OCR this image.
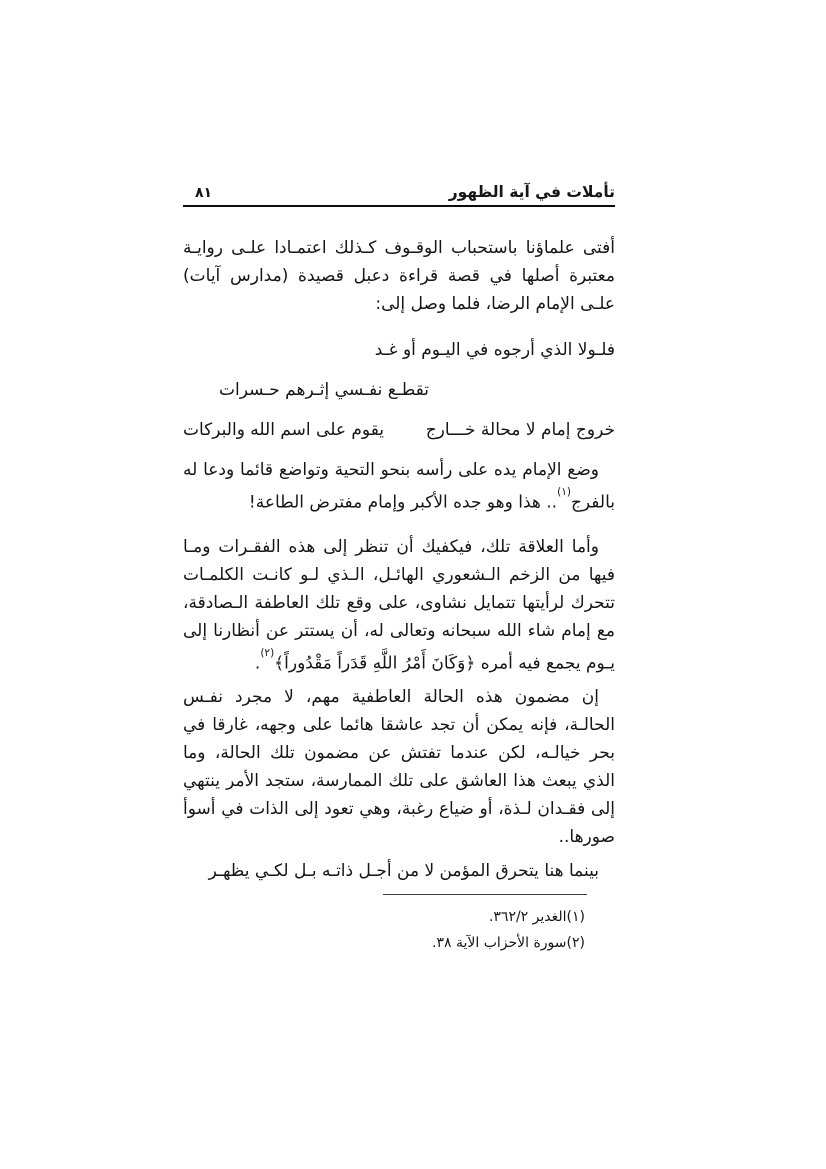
تأملات في آية الظهور
٨١

أفتى علماؤنا باستحباب الوقـوف كـذلك اعتمـادا علـى روايـة معتبرة أصلها في قصة قراءة دعبل قصيدة (مدارس آيات) علـى الإمام الرضا، فلما وصل إلى:

فلـولا الذي أرجوه في اليـوم أو غـد
تقطـع نفـسي إثـرهم حـسرات
خروج إمام لا محالة خـــارج
يقوم على اسم الله والبركات

وضع الإمام يده على رأسه بنحو التحية وتواضع قائما ودعا له بالفرج$^{(١)}$.. هذا وهو جده الأكبر وإمام مفترض الطاعة!

وأما العلاقة تلك، فيكفيك أن تنظر إلى هذه الفقـرات ومـا فيها من الزخم الـشعوري الهائـل، الـذي لـو كانـت الكلمـات تتحرك لرأيتها تتمايل نشاوى، على وقع تلك العاطفة الـصادقة، مع إمام شاء الله سبحانه وتعالى له، أن يستتر عن أنظارنا إلى يـوم يجمع فيه أمره ﴿وَكَانَ أَمْرُ اللَّهِ قَدَراً مَقْدُوراً﴾$^{(٢)}$.

إن مضمون هذه الحالة العاطفية مهم، لا مجرد نفـس الحالـة، فإنه يمكن أن تجد عاشقا هائما على وجهه، غارقا في بحر خيالـه، لكن عندما تفتش عن مضمون تلك الحالة، وما الذي يبعث هذا العاشق على تلك الممارسة، ستجد الأمر ينتهي إلى فقـدان لـذة، أو ضياع رغبة، وهي تعود إلى الذات في أسوأ صورها..

بينما هنا يتحرق المؤمن لا من أجـل ذاتـه بـل لكـي يظهـر

(١)الغدير ٣٦٢/٢.
(٢)سورة الأحزاب الآية ٣٨.
